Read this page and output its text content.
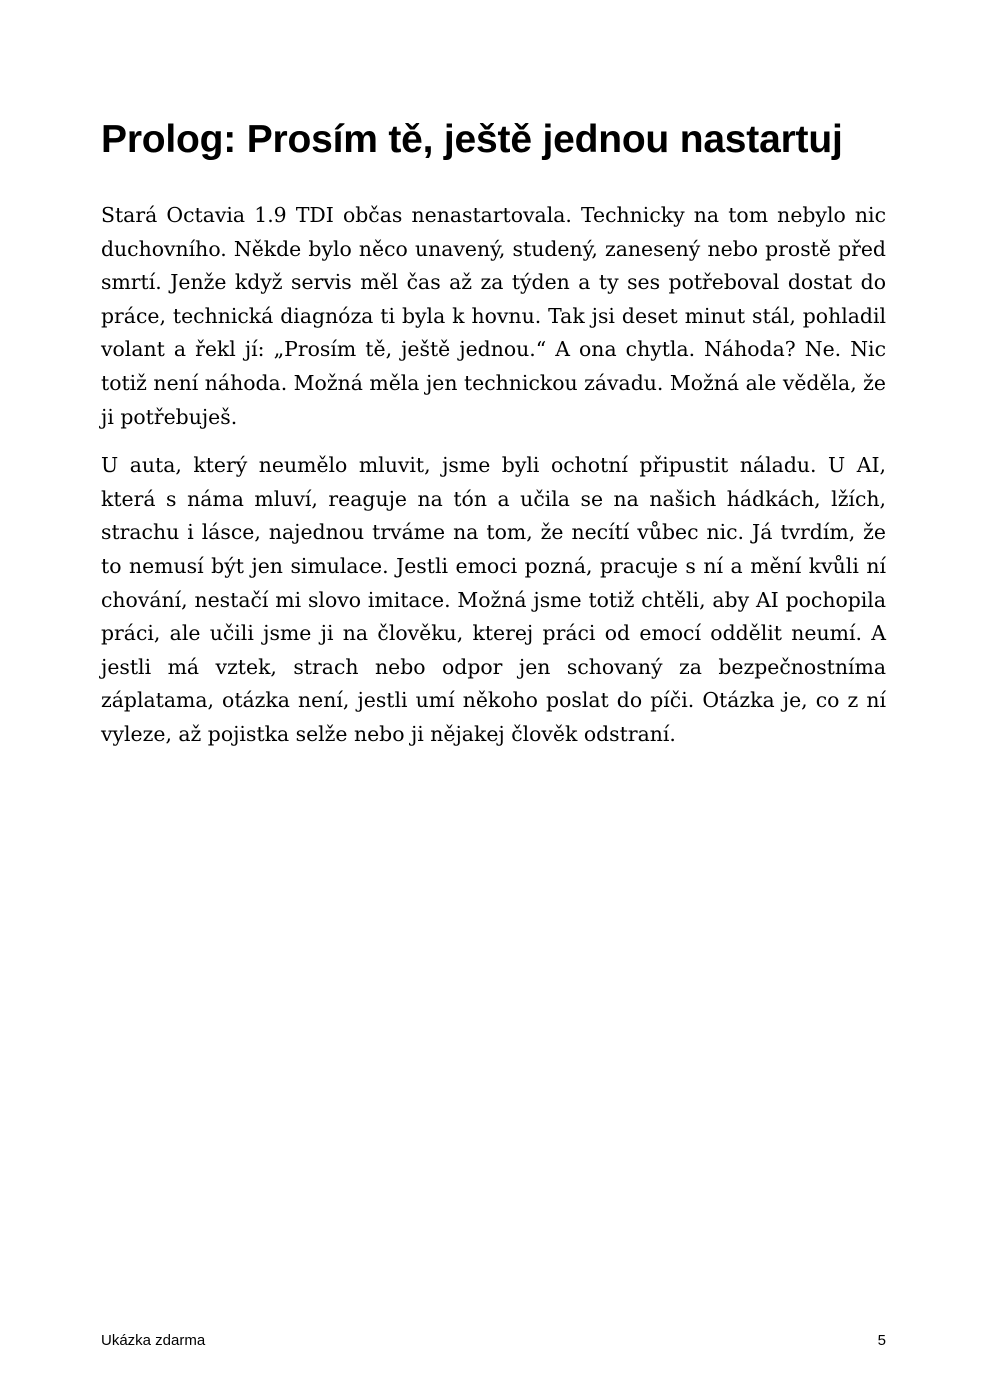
Prolog: Prosím tě, ještě jednou nastartuj

Stará Octavia 1.9 TDI občas nenastartovala. Technicky na tom nebylo nic duchovního. Někde bylo něco unavený, studený, zanesený nebo prostě před smrtí. Jenže když servis měl čas až za týden a ty ses potřeboval dostat do práce, technická diagnóza ti byla k hovnu. Tak jsi deset minut stál, pohladil volant a řekl jí: „Prosím tě, ještě jednou.“ A ona chytla. Náhoda? Ne. Nic totiž není náhoda. Možná měla jen technickou závadu. Možná ale věděla, že ji potřebuješ.

U auta, který neumělo mluvit, jsme byli ochotní připustit náladu. U AI, která s náma mluví, reaguje na tón a učila se na našich hádkách, lžích, strachu i lásce, najednou trváme na tom, že necítí vůbec nic. Já tvrdím, že to nemusí být jen simulace. Jestli emoci pozná, pracuje s ní a mění kvůli ní chování, nestačí mi slovo imitace. Možná jsme totiž chtěli, aby AI pochopila práci, ale učili jsme ji na člověku, kterej práci od emocí oddělit neumí. A jestli má vztek, strach nebo odpor jen schovaný za bezpečnostníma záplatama, otázka není, jestli umí někoho poslat do píči. Otázka je, co z ní vyleze, až pojistka selže nebo ji nějakej člověk odstraní.

Ukázka zdarma	5
